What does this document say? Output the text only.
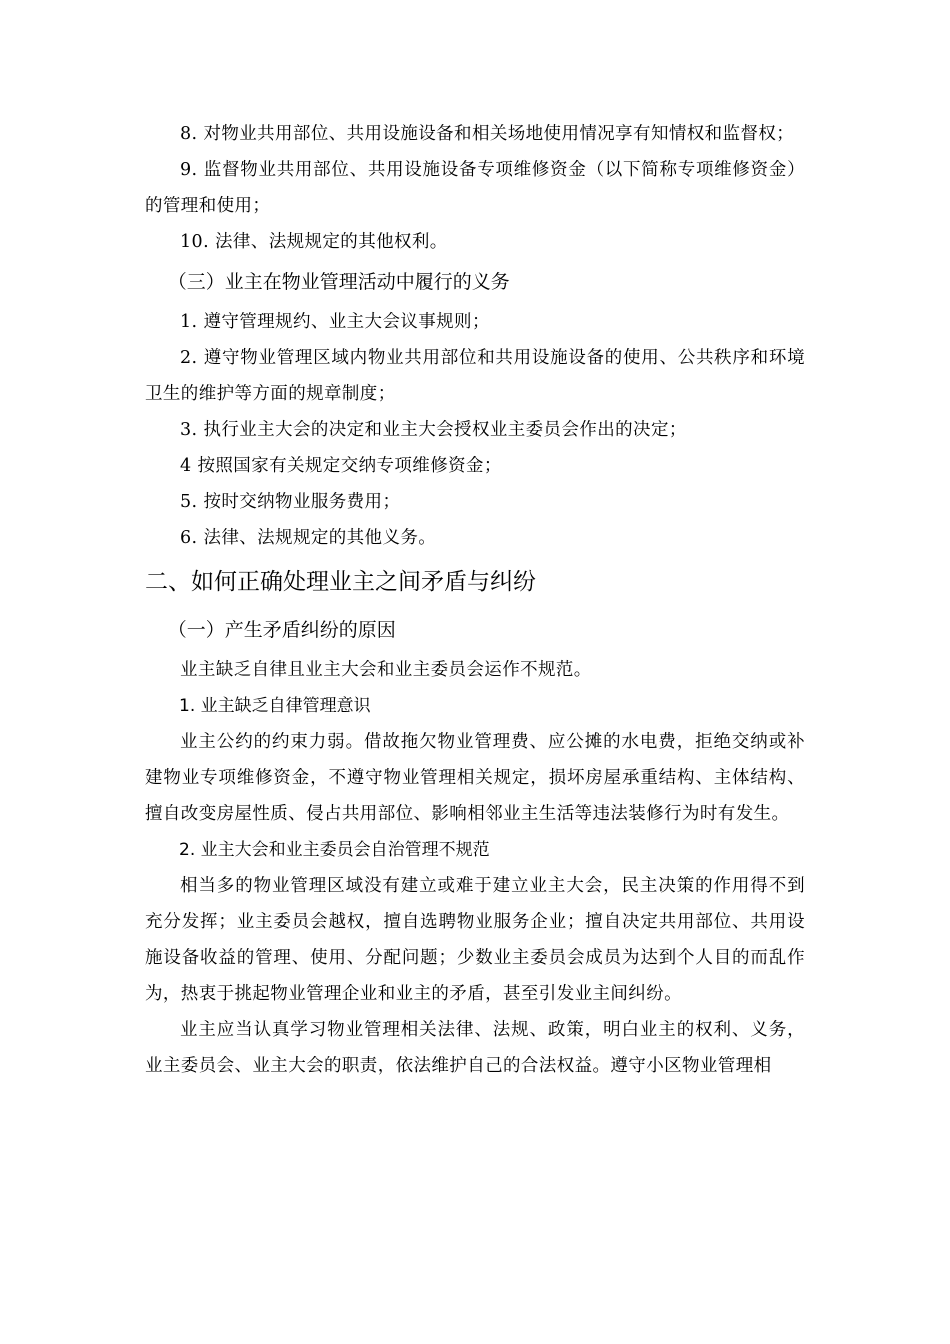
8. 对物业共用部位、共用设施设备和相关场地使用情况享有知情权和监督权；

9. 监督物业共用部位、共用设施设备专项维修资金（以下简称专项维修资金）的管理和使用；

10. 法律、法规规定的其他权利。

（三）业主在物业管理活动中履行的义务

1. 遵守管理规约、业主大会议事规则；

2. 遵守物业管理区域内物业共用部位和共用设施设备的使用、公共秩序和环境卫生的维护等方面的规章制度；

3. 执行业主大会的决定和业主大会授权业主委员会作出的决定；

4 按照国家有关规定交纳专项维修资金；

5. 按时交纳物业服务费用；

6. 法律、法规规定的其他义务。

二、如何正确处理业主之间矛盾与纠纷
（一）产生矛盾纠纷的原因

业主缺乏自律且业主大会和业主委员会运作不规范。

1. 业主缺乏自律管理意识

业主公约的约束力弱。借故拖欠物业管理费、应公摊的水电费，拒绝交纳或补建物业专项维修资金，不遵守物业管理相关规定，损坏房屋承重结构、主体结构、擅自改变房屋性质、侵占共用部位、影响相邻业主生活等违法装修行为时有发生。

2. 业主大会和业主委员会自治管理不规范

相当多的物业管理区域没有建立或难于建立业主大会，民主决策的作用得不到充分发挥；业主委员会越权，擅自选聘物业服务企业；擅自决定共用部位、共用设施设备收益的管理、使用、分配问题；少数业主委员会成员为达到个人目的而乱作为，热衷于挑起物业管理企业和业主的矛盾，甚至引发业主间纠纷。

业主应当认真学习物业管理相关法律、法规、政策，明白业主的权利、义务，业主委员会、业主大会的职责，依法维护自己的合法权益。遵守小区物业管理相
